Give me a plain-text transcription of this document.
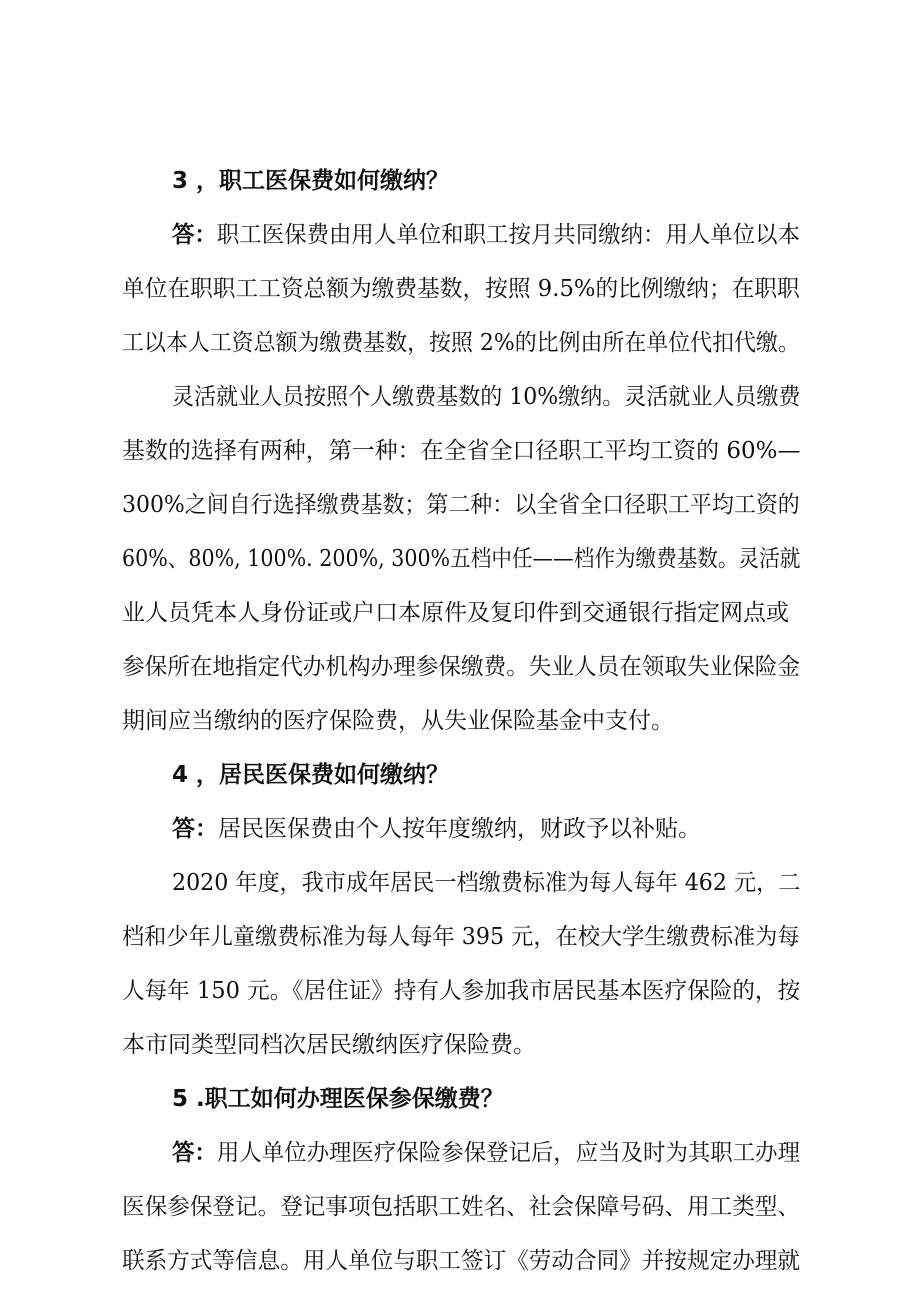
3 ，职工医保费如何缴纳？

答：职工医保费由用人单位和职工按月共同缴纳：用人单位以本

单位在职职工工资总额为缴费基数，按照 9.5%的比例缴纳；在职职

工以本人工资总额为缴费基数，按照 2%的比例由所在单位代扣代缴。

灵活就业人员按照个人缴费基数的 10%缴纳。灵活就业人员缴费

基数的选择有两种，第一种：在全省全口径职工平均工资的 60%—

300%之间自行选择缴费基数；第二种：以全省全口径职工平均工资的

60%、80%, 100%. 200%, 300%五档中任——档作为缴费基数。灵活就

业人员凭本人身份证或户口本原件及复印件到交通银行指定网点或

参保所在地指定代办机构办理参保缴费。失业人员在领取失业保险金

期间应当缴纳的医疗保险费，从失业保险基金中支付。

4 ，居民医保费如何缴纳？

答：居民医保费由个人按年度缴纳，财政予以补贴。

2020 年度，我市成年居民一档缴费标准为每人每年 462 元，二

档和少年儿童缴费标准为每人每年 395 元，在校大学生缴费标准为每

人每年 150 元。《居住证》持有人参加我市居民基本医疗保险的，按

本市同类型同档次居民缴纳医疗保险费。

5 .职工如何办理医保参保缴费？

答：用人单位办理医疗保险参保登记后，应当及时为其职工办理

医保参保登记。登记事项包括职工姓名、社会保障号码、用工类型、

联系方式等信息。用人单位与职工签订《劳动合同》并按规定办理就
